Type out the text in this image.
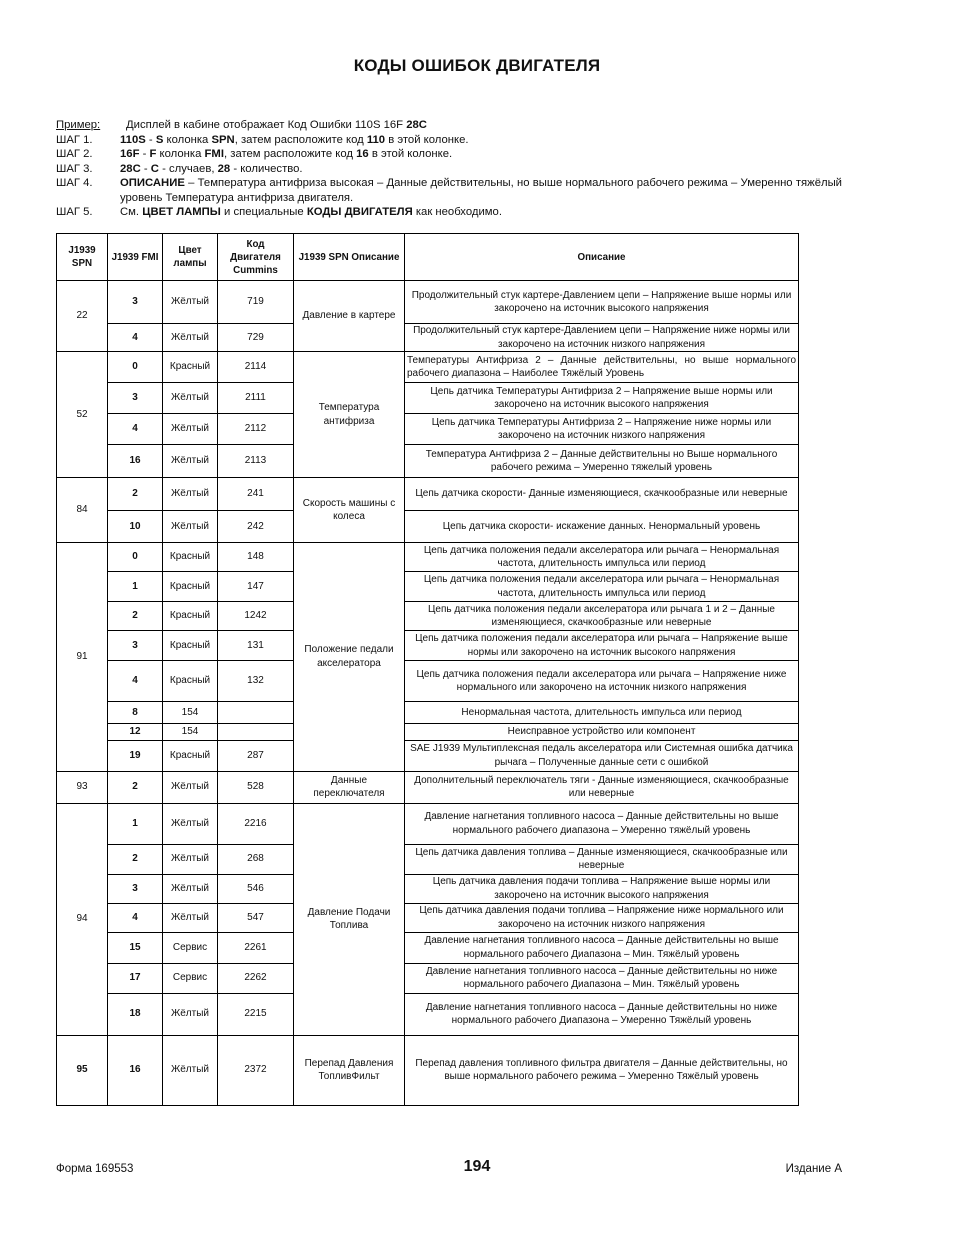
КОДЫ ОШИБОК ДВИГАТЕЛЯ
Пример:	Дисплей в кабине отображает Код Ошибки 110S 16F 28C
ШАГ 1.	110S - S колонка SPN, затем расположите код 110 в этой колонке.
ШАГ 2.	16F - F колонка FMI, затем расположите код 16 в этой колонке.
ШАГ 3.	28C - C - случаев, 28 - количество.
ШАГ 4.	ОПИСАНИЕ – Температура антифриза высокая – Данные действительны, но выше нормального рабочего режима – Умеренно тяжёлый уровень Температура антифриза двигателя.
ШАГ 5.	См. ЦВЕТ ЛАМПЫ и специальные КОДЫ ДВИГАТЕЛЯ как необходимо.
J1939 SPN	J1939 FMI	Цвет лампы	Код Двигателя Cummins	J1939 SPN Описание	Описание
22	3	Жёлтый	719	Давление в картере	Продолжительный стук картере-Давлением цепи – Напряжение выше нормы или закорочено на источник высокого напряжения
	4	Жёлтый	729		Продолжительный стук картере-Давлением цепи – Напряжение ниже нормы или закорочено на источник низкого напряжения
52	0	Красный	2114	Температура антифриза	Температуры Антифриза 2 – Данные действительны, но выше нормального рабочего диапазона – Наиболее Тяжёлый Уровень
	3	Жёлтый	2111		Цепь датчика Температуры Антифриза 2 – Напряжение выше нормы или закорочено на источник высокого напряжения
	4	Жёлтый	2112		Цепь датчика Температуры Антифриза 2 – Напряжение ниже нормы или закорочено на источник низкого напряжения
	16	Жёлтый	2113		Температура Антифриза 2 – Данные действительны но Выше нормального рабочего режима – Умеренно тяжелый уровень
84	2	Жёлтый	241	Скорость машины с колеса	Цепь датчика скорости- Данные изменяющиеся, скачкообразные или неверные
	10	Жёлтый	242		Цепь датчика скорости- искажение данных. Ненормальный уровень
91	0	Красный	148	Положение педали акселератора	Цепь датчика положения педали акселератора или рычага – Ненормальная частота, длительность импульса или период
	1	Красный	147		Цепь датчика положения педали акселератора или рычага – Ненормальная частота, длительность импульса или период
	2	Красный	1242		Цепь датчика положения педали акселератора или рычага 1 и 2 – Данные изменяющиеся, скачкообразные или неверные
	3	Красный	131		Цепь датчика положения педали акселератора или рычага – Напряжение выше нормы или закорочено на источник высокого напряжения
	4	Красный	132		Цепь датчика положения педали акселератора или рычага – Напряжение ниже нормального или закорочено на источник низкого напряжения
	8	154			Ненормальная частота, длительность импульса или период
	12	154			Неисправное устройство или компонент
	19	Красный	287		SAE J1939 Мультиплексная педаль акселератора или Системная ошибка датчика рычага – Полученные данные сети с ошибкой
93	2	Жёлтый	528	Данные переключателя	Дополнительный переключатель тяги - Данные изменяющиеся, скачкообразные или неверные
94	1	Жёлтый	2216	Давление Подачи Топлива	Давление нагнетания топливного насоса – Данные действительны но выше нормального рабочего диапазона – Умеренно тяжёлый уровень
	2	Жёлтый	268		Цепь датчика давления топлива – Данные изменяющиеся, скачкообразные или неверные
	3	Жёлтый	546		Цепь датчика давления подачи топлива – Напряжение выше нормы или закорочено на источник высокого напряжения
	4	Жёлтый	547		Цепь датчика давления подачи топлива – Напряжение ниже нормального или закорочено на источник низкого напряжения
	15	Сервис	2261		Давление нагнетания топливного насоса – Данные действительны но выше нормального рабочего Диапазона – Мин. Тяжёлый уровень
	17	Сервис	2262		Давление нагнетания топливного насоса – Данные действительны но ниже нормального рабочего Диапазона – Мин. Тяжёлый уровень
	18	Жёлтый	2215		Давление нагнетания топливного насоса – Данные действительны но ниже нормального рабочего Диапазона – Умеренно Тяжёлый уровень
95	16	Жёлтый	2372	Перепад Давления ТопливФильт	Перепад давления топливного фильтра двигателя – Данные действительны, но выше нормального рабочего режима – Умеренно Тяжёлый уровень
Форма 169553	194	Издание A
